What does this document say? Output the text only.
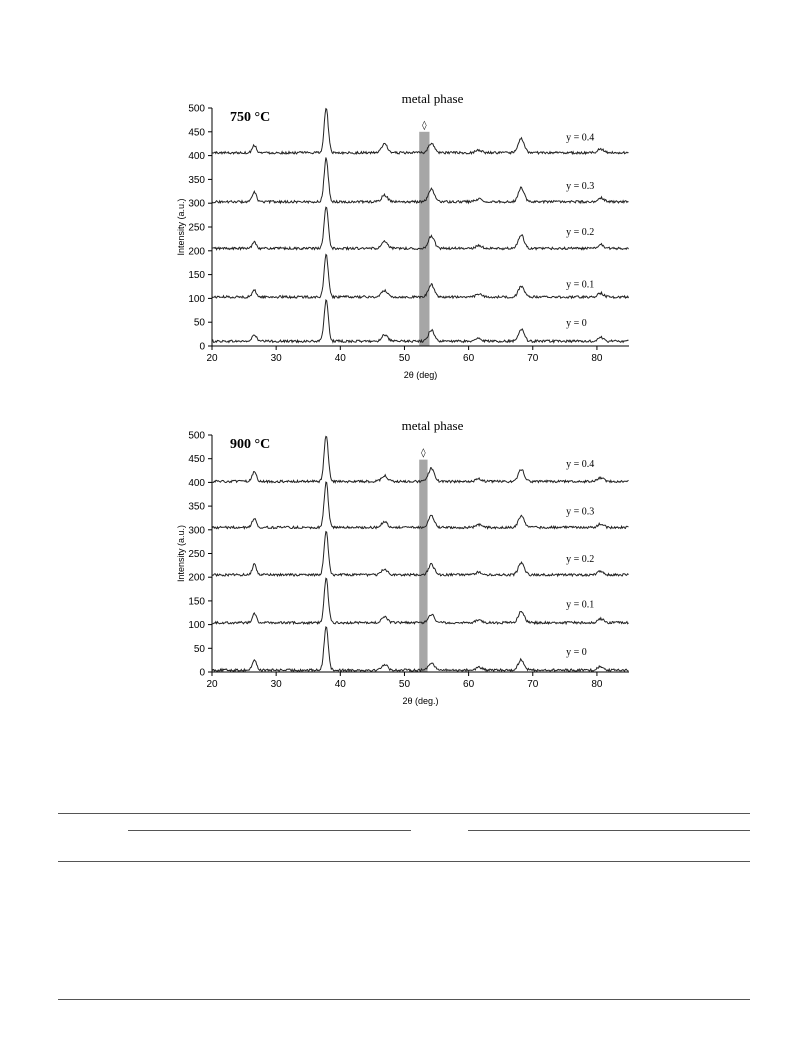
◊
20	30	40	50	60	70	80
0
50
100
150
200
250
300
350
400
450
500
metal phase
750 °C
2θ (deg)
Intensity (a.u.)
y = 0
y = 0.1
y = 0.2
y = 0.3
y = 0.4
◊
20	30	40	50	60	70	80
0
50
100
150
200
250
300
350
400
450
500
metal phase
900 °C
2θ (deg.)
Intensity (a.u.)
y = 0
y = 0.1
y = 0.2
y = 0.3
y = 0.4
